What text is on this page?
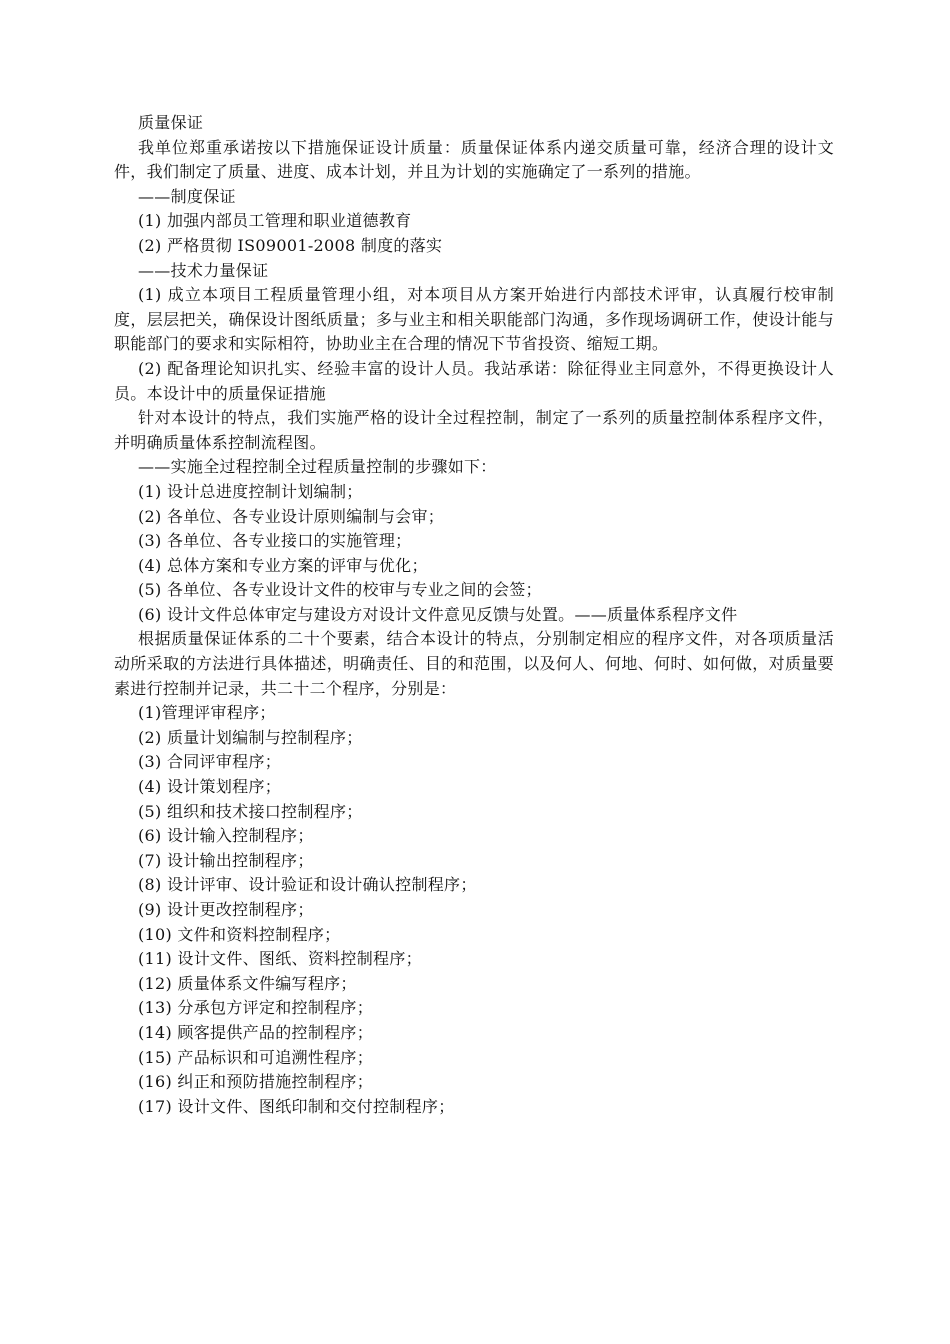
质量保证

我单位郑重承诺按以下措施保证设计质量：质量保证体系内递交质量可靠，经济合理的设计文件，我们制定了质量、进度、成本计划，并且为计划的实施确定了一系列的措施。

——制度保证

(1) 加强内部员工管理和职业道德教育

(2) 严格贯彻 IS09001-2008 制度的落实

——技术力量保证

(1) 成立本项目工程质量管理小组，对本项目从方案开始进行内部技术评审，认真履行校审制度，层层把关，确保设计图纸质量；多与业主和相关职能部门沟通，多作现场调研工作，使设计能与职能部门的要求和实际相符，协助业主在合理的情况下节省投资、缩短工期。

(2) 配备理论知识扎实、经验丰富的设计人员。我站承诺：除征得业主同意外，不得更换设计人员。本设计中的质量保证措施

针对本设计的特点，我们实施严格的设计全过程控制，制定了一系列的质量控制体系程序文件，并明确质量体系控制流程图。

——实施全过程控制全过程质量控制的步骤如下：

(1) 设计总进度控制计划编制；

(2) 各单位、各专业设计原则编制与会审；

(3) 各单位、各专业接口的实施管理；

(4) 总体方案和专业方案的评审与优化；

(5) 各单位、各专业设计文件的校审与专业之间的会签；

(6) 设计文件总体审定与建设方对设计文件意见反馈与处置。——质量体系程序文件

根据质量保证体系的二十个要素，结合本设计的特点，分别制定相应的程序文件，对各项质量活动所采取的方法进行具体描述，明确责任、目的和范围，以及何人、何地、何时、如何做，对质量要素进行控制并记录，共二十二个程序，分别是：

(1)管理评审程序；

(2) 质量计划编制与控制程序；

(3) 合同评审程序；

(4) 设计策划程序；

(5) 组织和技术接口控制程序；

(6) 设计输入控制程序；

(7) 设计输出控制程序；

(8) 设计评审、设计验证和设计确认控制程序；

(9) 设计更改控制程序；

(10) 文件和资料控制程序；

(11) 设计文件、图纸、资料控制程序；

(12) 质量体系文件编写程序；

(13) 分承包方评定和控制程序；

(14) 顾客提供产品的控制程序；

(15) 产品标识和可追溯性程序；

(16) 纠正和预防措施控制程序；

(17) 设计文件、图纸印制和交付控制程序；
